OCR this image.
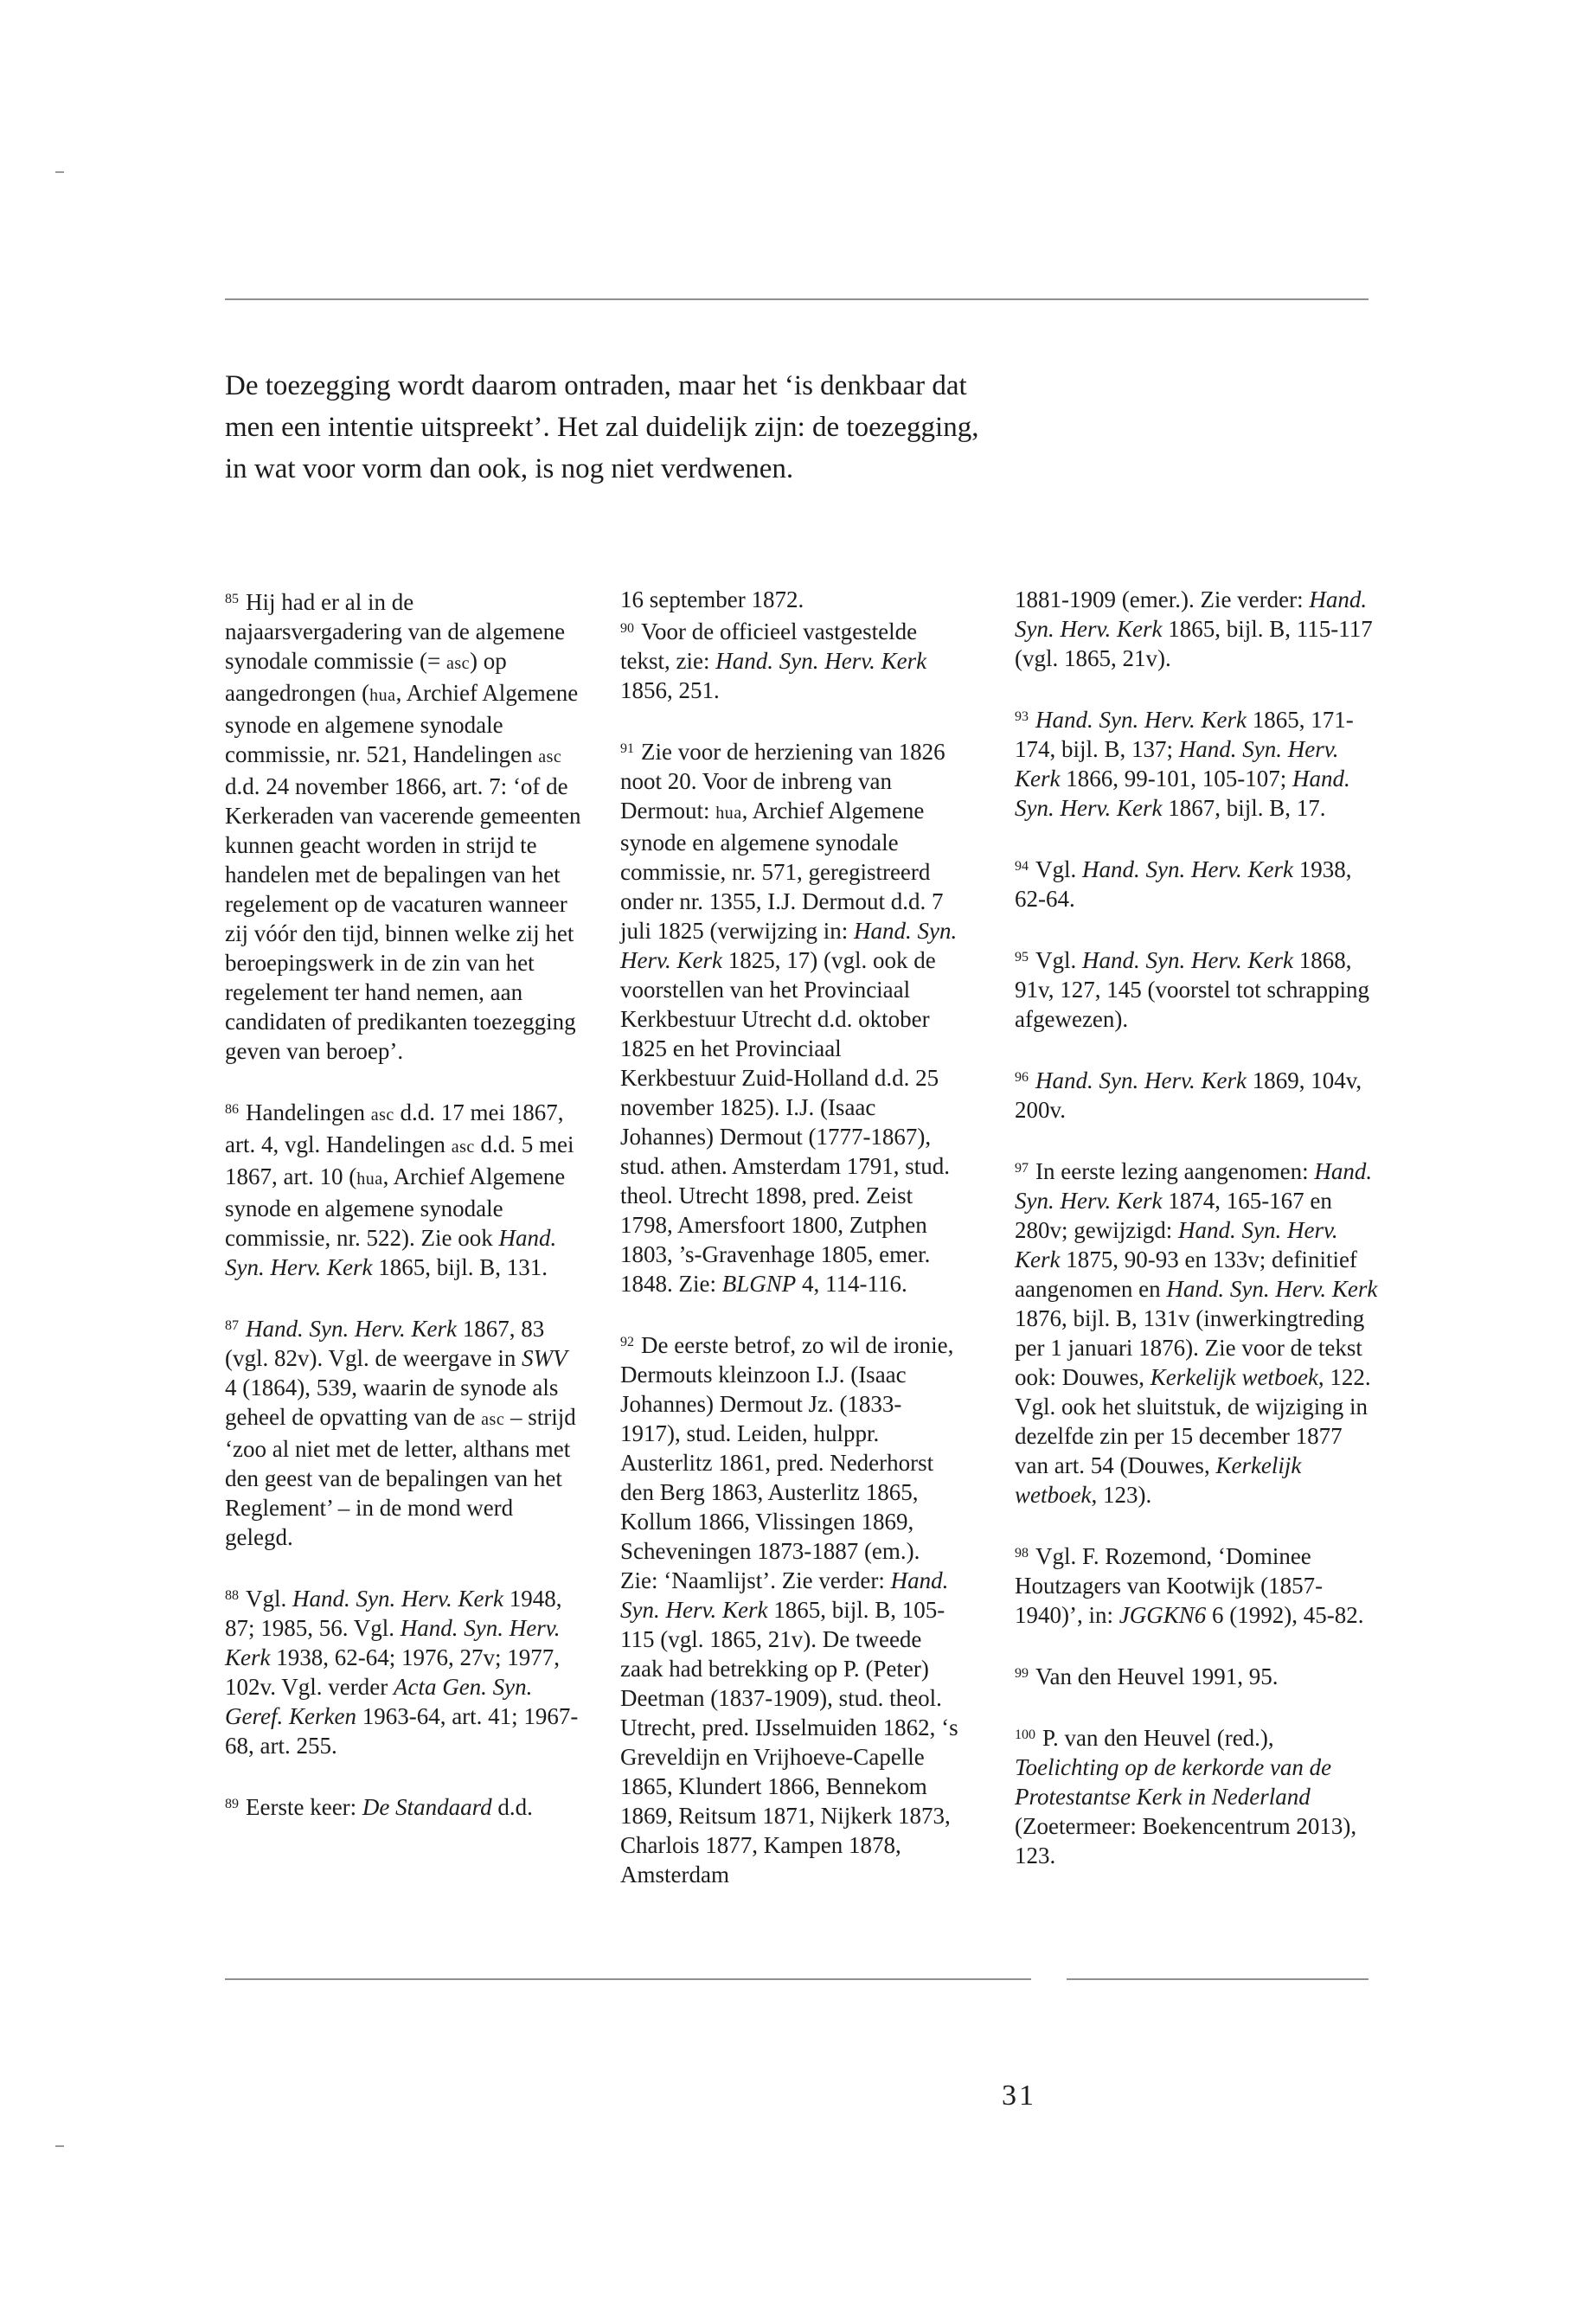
De toezegging wordt daarom ontraden, maar het ‘is denkbaar dat
men een intentie uitspreekt’. Het zal duidelijk zijn: de toezegging,
in wat voor vorm dan ook, is nog niet verdwenen.

$^{85}$ Hij had er al in de najaarsvergadering van de algemene synodale commissie (= asc) op aangedrongen (hua, Archief Algemene synode en algemene synodale commissie, nr. 521, Handelingen asc d.d. 24 november 1866, art. 7: ‘of de Kerkeraden van vacerende gemeenten kunnen geacht worden in strijd te handelen met de bepalingen van het regelement op de vacaturen wanneer zij vóór den tijd, binnen welke zij het beroepingswerk in de zin van het regelement ter hand nemen, aan candidaten of predikanten toezegging geven van beroep’.

$^{86}$ Handelingen asc d.d. 17 mei 1867, art. 4, vgl. Handelingen asc d.d. 5 mei 1867, art. 10 (hua, Archief Algemene synode en algemene synodale commissie, nr. 522). Zie ook Hand. Syn. Herv. Kerk 1865, bijl. B, 131.

$^{87}$ Hand. Syn. Herv. Kerk 1867, 83 (vgl. 82v). Vgl. de weergave in SWV 4 (1864), 539, waarin de synode als geheel de opvatting van de asc – strijd ‘zoo al niet met de letter, althans met den geest van de bepalingen van het Reglement’ – in de mond werd gelegd.

$^{88}$ Vgl. Hand. Syn. Herv. Kerk 1948, 87; 1985, 56. Vgl. Hand. Syn. Herv. Kerk 1938, 62-64; 1976, 27v; 1977, 102v. Vgl. verder Acta Gen. Syn. Geref. Kerken 1963-64, art. 41; 1967-68, art. 255.

$^{89}$ Eerste keer: De Standaard d.d.

16 september 1872.

$^{90}$ Voor de officieel vastgestelde tekst, zie: Hand. Syn. Herv. Kerk 1856, 251.

$^{91}$ Zie voor de herziening van 1826 noot 20. Voor de inbreng van Dermout: hua, Archief Algemene synode en algemene synodale commissie, nr. 571, geregistreerd onder nr. 1355, I.J. Dermout d.d. 7 juli 1825 (verwijzing in: Hand. Syn. Herv. Kerk 1825, 17) (vgl. ook de voorstellen van het Provinciaal Kerkbestuur Utrecht d.d. oktober 1825 en het Provinciaal Kerkbestuur Zuid-Holland d.d. 25 november 1825). I.J. (Isaac Johannes) Dermout (1777-1867), stud. athen. Amsterdam 1791, stud. theol. Utrecht 1898, pred. Zeist 1798, Amersfoort 1800, Zutphen 1803, ’s-Gravenhage 1805, emer. 1848. Zie: BLGNP 4, 114-116.

$^{92}$ De eerste betrof, zo wil de ironie, Dermouts kleinzoon I.J. (Isaac Johannes) Dermout Jz. (1833-1917), stud. Leiden, hulppr. Austerlitz 1861, pred. Nederhorst den Berg 1863, Austerlitz 1865, Kollum 1866, Vlissingen 1869, Scheveningen 1873-1887 (em.). Zie: ‘Naamlijst’. Zie verder: Hand. Syn. Herv. Kerk 1865, bijl. B, 105-115 (vgl. 1865, 21v). De tweede zaak had betrekking op P. (Peter) Deetman (1837-1909), stud. theol. Utrecht, pred. IJsselmuiden 1862, ‘s Greveldijn en Vrijhoeve-Capelle 1865, Klundert 1866, Bennekom 1869, Reitsum 1871, Nijkerk 1873, Charlois 1877, Kampen 1878, Amsterdam

1881-1909 (emer.). Zie verder: Hand. Syn. Herv. Kerk 1865, bijl. B, 115-117 (vgl. 1865, 21v).

$^{93}$ Hand. Syn. Herv. Kerk 1865, 171-174, bijl. B, 137; Hand. Syn. Herv. Kerk 1866, 99-101, 105-107; Hand. Syn. Herv. Kerk 1867, bijl. B, 17.

$^{94}$ Vgl. Hand. Syn. Herv. Kerk 1938, 62-64.

$^{95}$ Vgl. Hand. Syn. Herv. Kerk 1868, 91v, 127, 145 (voorstel tot schrapping afgewezen).

$^{96}$ Hand. Syn. Herv. Kerk 1869, 104v, 200v.

$^{97}$ In eerste lezing aangenomen: Hand. Syn. Herv. Kerk 1874, 165-167 en 280v; gewijzigd: Hand. Syn. Herv. Kerk 1875, 90-93 en 133v; definitief aangenomen en Hand. Syn. Herv. Kerk 1876, bijl. B, 131v (inwerkingtreding per 1 januari 1876). Zie voor de tekst ook: Douwes, Kerkelijk wetboek, 122. Vgl. ook het sluitstuk, de wijziging in dezelfde zin per 15 december 1877 van art. 54 (Douwes, Kerkelijk wetboek, 123).

$^{98}$ Vgl. F. Rozemond, ‘Dominee Houtzagers van Kootwijk (1857-1940)’, in: JGGKN6 6 (1992), 45-82.

$^{99}$ Van den Heuvel 1991, 95.

$^{100}$ P. van den Heuvel (red.), Toelichting op de kerkorde van de Protestantse Kerk in Nederland (Zoetermeer: Boekencentrum 2013), 123.

31
